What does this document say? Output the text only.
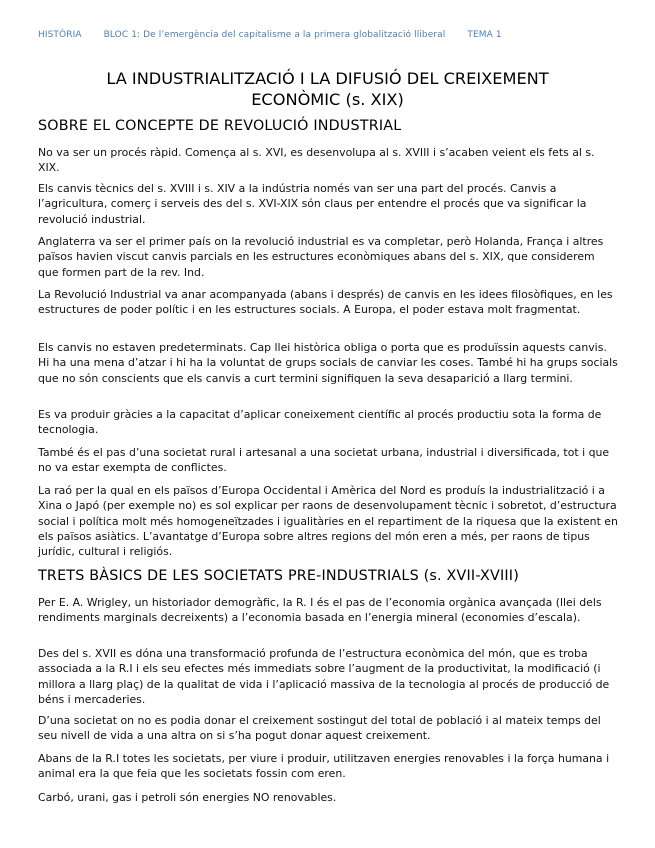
HISTÒRIA BLOC 1: De l’emergència del capitalisme a la primera globalització lliberal TEMA 1
LA INDUSTRIALITZACIÓ I LA DIFUSIÓ DEL CREIXEMENT
ECONÒMIC (s. XIX)
SOBRE EL CONCEPTE DE REVOLUCIÓ INDUSTRIAL

No va ser un procés ràpid. Comença al s. XVI, es desenvolupa al s. XVIII i s’acaben veient els fets al s. XIX.

Els canvis tècnics del s. XVIII i s. XIV a la indústria només van ser una part del procés. Canvis a l’agricultura, comerç i serveis des del s. XVI-XIX són claus per entendre el procés que va significar la revolució industrial.

Anglaterra va ser el primer país on la revolució industrial es va completar, però Holanda, França i altres països havien viscut canvis parcials en les estructures econòmiques abans del s. XIX, que considerem que formen part de la rev. Ind.

La Revolució Industrial va anar acompanyada (abans i després) de canvis en les idees filosòfiques, en les estructures de poder polític i en les estructures socials. A Europa, el poder estava molt fragmentat.

Els canvis no estaven predeterminats. Cap llei històrica obliga o porta que es produïssin aquests canvis. Hi ha una mena d’atzar i hi ha la voluntat de grups socials de canviar les coses. També hi ha grups socials que no són conscients que els canvis a curt termini signifiquen la seva desaparició a llarg termini.

Es va produir gràcies a la capacitat d’aplicar coneixement científic al procés productiu sota la forma de tecnologia.

També és el pas d’una societat rural i artesanal a una societat urbana, industrial i diversificada, tot i que no va estar exempta de conflictes.

La raó per la qual en els països d’Europa Occidental i Amèrica del Nord es produís la industrialització i a Xina o Japó (per exemple no) es sol explicar per raons de desenvolupament tècnic i sobretot, d’estructura social i política molt més homogeneïtzades i igualitàries en el repartiment de la riquesa que la existent en els països asiàtics. L’avantatge d’Europa sobre altres regions del món eren a més, per raons de tipus jurídic, cultural i religiós.

TRETS BÀSICS DE LES SOCIETATS PRE-INDUSTRIALS (s. XVII-XVIII)

Per E. A. Wrigley, un historiador demogràfic, la R. I és el pas de l’economia orgànica avançada (llei dels rendiments marginals decreixents) a l’economia basada en l’energia mineral (economies d’escala).

Des del s. XVII es dóna una transformació profunda de l’estructura econòmica del món, que es troba associada a la R.I i els seu efectes més immediats sobre l’augment de la productivitat, la modificació (i millora a llarg plaç) de la qualitat de vida i l’aplicació massiva de la tecnologia al procés de producció de béns i mercaderies.

D’una societat on no es podia donar el creixement sostingut del total de població i al mateix temps del seu nivell de vida a una altra on si s’ha pogut donar aquest creixement.

Abans de la R.I totes les societats, per viure i produir, utilitzaven energies renovables i la força humana i animal era la que feia que les societats fossin com eren.

Carbó, urani, gas i petroli són energies NO renovables.
